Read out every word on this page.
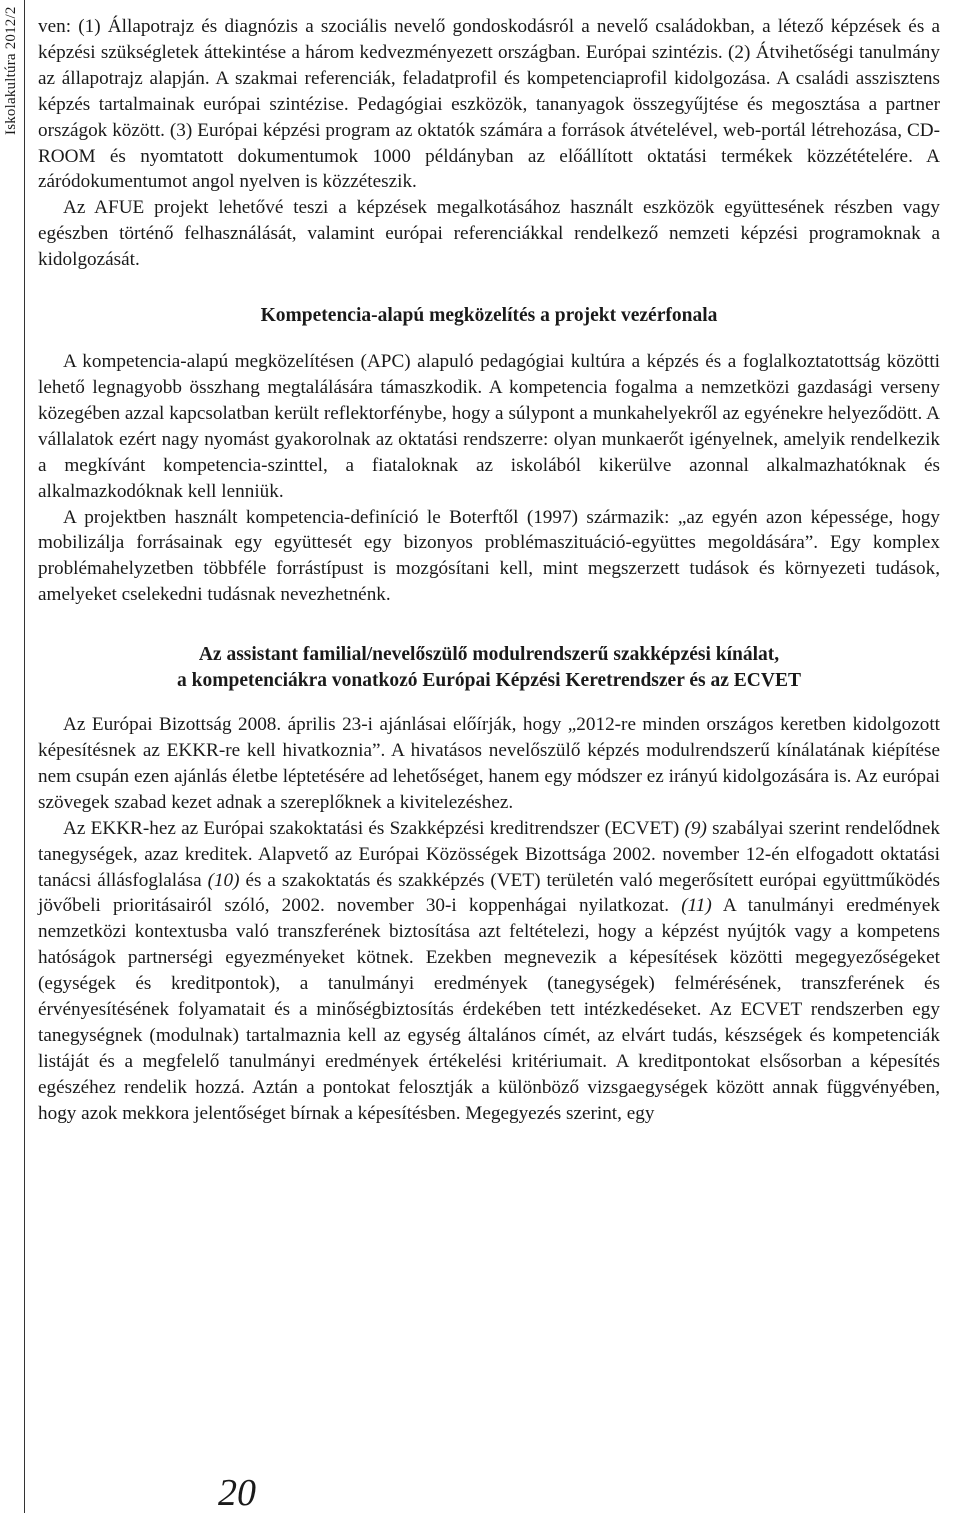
Iskolakultúra 2012/2 ven: (1) Állapotrajz és diagnózis a szociális nevelő gondoskodásról a nevelő családokban, a létező képzések és a képzési szükségletek áttekintése a három kedvezményezett országban. Európai szintézis. (2) Átvihetőségi tanulmány az állapotrajz alapján. A szakmai referenciák, feladatprofil és kompetenciaprofil kidolgozása. A családi asszisztens képzés tartalmainak európai szintézise. Pedagógiai eszközök, tananyagok összegyűjtése és megosztása a partner országok között. (3) Európai képzési program az oktatók számára a források átvételével, web-portál létrehozása, CD-ROOM és nyomtatott dokumentumok 1000 példányban az előállított oktatási termékek közzétételére. A záródokumentumot angol nyelven is közzéteszik.

Az AFUE projekt lehetővé teszi a képzések megalkotásához használt eszközök együttesének részben vagy egészben történő felhasználását, valamint európai referenciákkal rendelkező nemzeti képzési programoknak a kidolgozását.

Kompetencia-alapú megközelítés a projekt vezérfonala

A kompetencia-alapú megközelítésen (APC) alapuló pedagógiai kultúra a képzés és a foglalkoztatottság közötti lehető legnagyobb összhang megtalálására támaszkodik. A kompetencia fogalma a nemzetközi gazdasági verseny közegében azzal kapcsolatban került reflektorfénybe, hogy a súlypont a munkahelyekről az egyénekre helyeződött. A vállalatok ezért nagy nyomást gyakorolnak az oktatási rendszerre: olyan munkaerőt igényelnek, amelyik rendelkezik a megkívánt kompetencia-szinttel, a fiataloknak az iskolából kikerülve azonnal alkalmazhatóknak és alkalmazkodóknak kell lenniük.

A projektben használt kompetencia-definíció le Boterftől (1997) származik: „az egyén azon képessége, hogy mobilizálja forrásainak egy együttesét egy bizonyos problémaszituáció-együttes megoldására”. Egy komplex problémahelyzetben többféle forrástípust is mozgósítani kell, mint megszerzett tudások és környezeti tudások, amelyeket cselekedni tudásnak nevezhetnénk.

Az assistant familial/nevelőszülő modulrendszerű szakképzési kínálat,
a kompetenciákra vonatkozó Európai Képzési Keretrendszer és az ECVET

Az Európai Bizottság 2008. április 23-i ajánlásai előírják, hogy „2012-re minden országos keretben kidolgozott képesítésnek az EKKR-re kell hivatkoznia”. A hivatásos nevelőszülő képzés modulrendszerű kínálatának kiépítése nem csupán ezen ajánlás életbe léptetésére ad lehetőséget, hanem egy módszer ez irányú kidolgozására is. Az európai szövegek szabad kezet adnak a szereplőknek a kivitelezéshez.

Az EKKR-hez az Európai szakoktatási és Szakképzési kreditrendszer (ECVET) (9) szabályai szerint rendelődnek tanegységek, azaz kreditek. Alapvető az Európai Közösségek Bizottsága 2002. november 12-én elfogadott oktatási tanácsi állásfoglalása (10) és a szakoktatás és szakképzés (VET) területén való megerősített európai együttműködés jövőbeli prioritásairól szóló, 2002. november 30-i koppenhágai nyilatkozat. (11) A tanulmányi eredmények nemzetközi kontextusba való transzferének biztosítása azt feltételezi, hogy a képzést nyújtók vagy a kompetens hatóságok partnerségi egyezményeket kötnek. Ezekben megnevezik a képesítések közötti megegyezőségeket (egységek és kreditpontok), a tanulmányi eredmények (tanegységek) felmérésének, transzferének és érvényesítésének folyamatait és a minőségbiztosítás érdekében tett intézkedéseket. Az ECVET rendszerben egy tanegységnek (modulnak) tartalmaznia kell az egység általános címét, az elvárt tudás, készségek és kompetenciák listáját és a megfelelő tanulmányi eredmények értékelési kritériumait. A kreditpontokat elsősorban a képesítés egészéhez rendelik hozzá. Aztán a pontokat felosztják a különböző vizsgaegységek között annak függvényében, hogy azok mekkora jelentőséget bírnak a képesítésben. Megegyezés szerint, egy

20
